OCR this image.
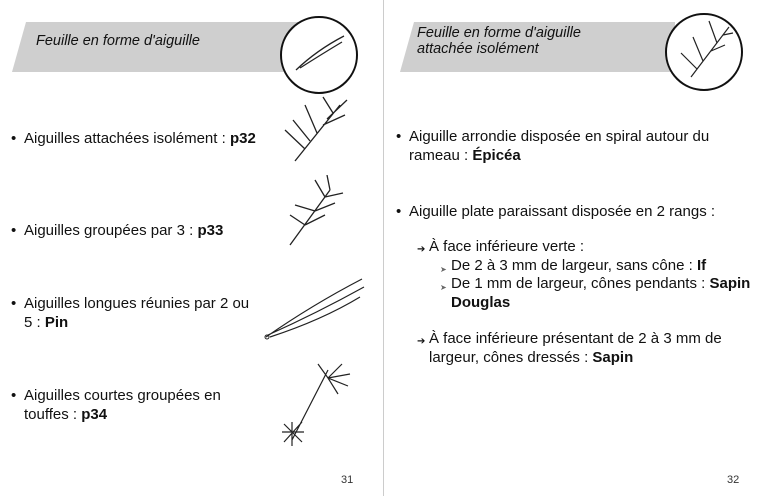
Feuille en forme d'aiguille
• Aiguilles attachées isolément : p32
• Aiguilles groupées par 3 : p33
• Aiguilles longues réunies par 2 ou 5 : Pin
• Aiguilles courtes groupées en touffes : p34
31
Feuille en forme d'aiguille
attachée isolément
• Aiguille arrondie disposée en spiral autour du rameau : Épicéa
• Aiguille plate paraissant disposée en 2 rangs :
➔ À face inférieure verte :
➤ De 2 à 3 mm de largeur, sans cône : If
➤ De 1 mm de largeur, cônes pendants : Sapin Douglas
➔ À face inférieure présentant de 2 à 3 mm de largeur, cônes dressés : Sapin
32
